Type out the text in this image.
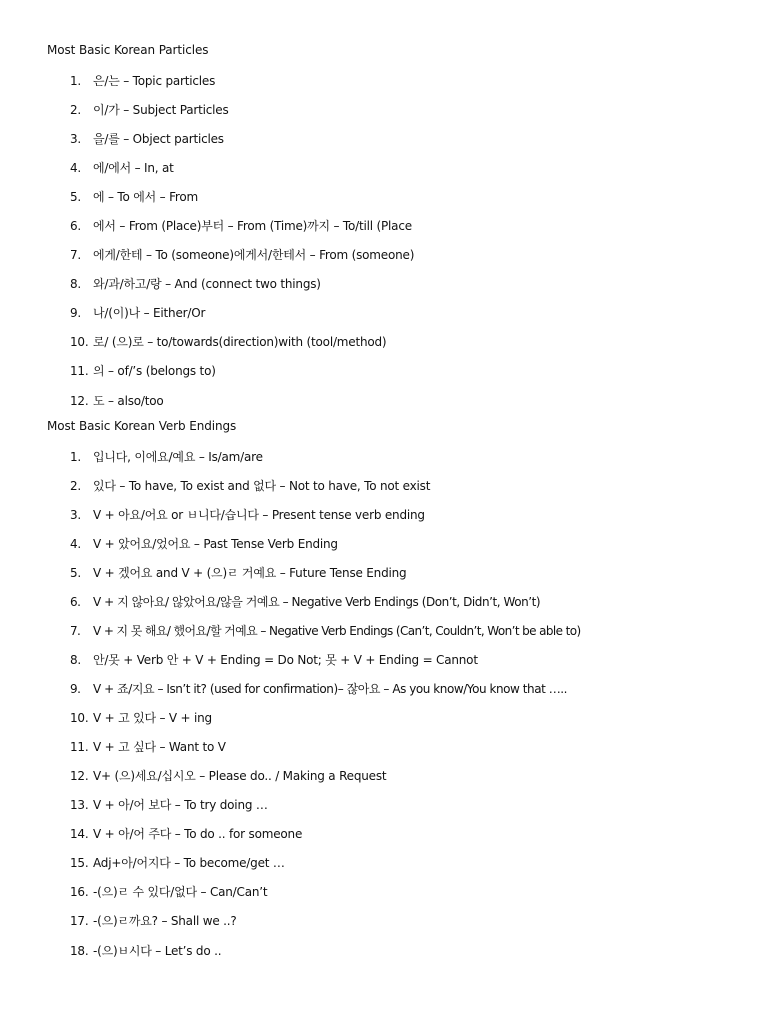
Most Basic Korean Particles
1. 은/는 – Topic particles
2. 이/가 – Subject Particles
3. 을/를 – Object particles
4. 에/에서 – In, at
5. 에 – To 에서 – From
6. 에서 – From (Place)부터 – From (Time)까지 – To/till (Place
7. 에게/한테 – To (someone)에게서/한테서 – From (someone)
8. 와/과/하고/랑 – And (connect two things)
9. 나/(이)나 – Either/Or
10. 로/ (으)로 – to/towards(direction)with (tool/method)
11. 의 – of/’s (belongs to)
12. 도 – also/too
Most Basic Korean Verb Endings
1. 입니다, 이에요/예요 – Is/am/are
2. 있다 – To have, To exist and 없다 – Not to have, To not exist
3. V + 아요/어요 or ㅂ니다/습니다 – Present tense verb ending
4. V + 았어요/었어요 – Past Tense Verb Ending
5. V + 겠어요 and V + (으)ㄹ 거예요 – Future Tense Ending
6. V + 지 않아요/ 않았어요/않을 거예요 – Negative Verb Endings (Don’t, Didn’t, Won’t)
7. V + 지 못 해요/ 했어요/할 거예요 – Negative Verb Endings (Can’t, Couldn’t, Won’t be able to)
8. 안/못 + Verb 안 + V + Ending = Do Not; 못 + V + Ending = Cannot
9. V + 죠/지요 – Isn’t it? (used for confirmation)– 잖아요 – As you know/You know that …..
10. V + 고 있다 – V + ing
11. V + 고 싶다 – Want to V
12. V+ (으)세요/십시오 – Please do.. / Making a Request
13. V + 아/어 보다 – To try doing …
14. V + 아/어 주다 – To do .. for someone
15. Adj+아/어지다 – To become/get …
16. -(으)ㄹ 수 있다/없다 – Can/Can’t
17. -(으)ㄹ까요? – Shall we ..?
18. -(으)ㅂ시다 – Let’s do ..
